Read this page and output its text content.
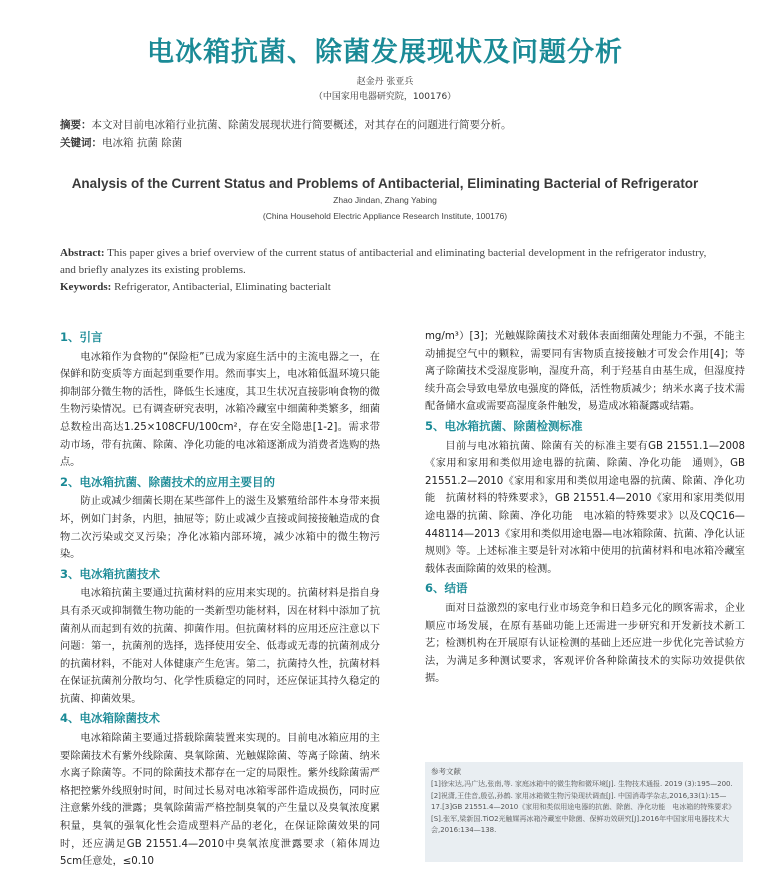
电冰箱抗菌、除菌发展现状及问题分析
赵金丹 张亚兵
（中国家用电器研究院，100176）
摘要：本文对目前电冰箱行业抗菌、除菌发展现状进行简要概述，对其存在的问题进行简要分析。
关键词：电冰箱 抗菌 除菌
Analysis of the Current Status and Problems of Antibacterial, Eliminating Bacterial of Refrigerator
Zhao Jindan, Zhang Yabing
(China Household Electric Appliance Research Institute, 100176)
Abstract: This paper gives a brief overview of the current status of antibacterial and eliminating bacterial development in the refrigerator industry, and briefly analyzes its existing problems.
Keywords: Refrigerator, Antibacterial, Eliminating bacterialt
1、引言
电冰箱作为食物的“保险柜”已成为家庭生活中的主流电器之一，在保鲜和防变质等方面起到重要作用。然而事实上，电冰箱低温环境只能抑制部分微生物的活性，降低生长速度，其卫生状况直接影响食物的微生物污染情况。已有调查研究表明，冰箱冷藏室中细菌种类繁多，细菌总数检出高达1.25×108CFU/100cm²，存在安全隐患[1-2]。需求带动市场，带有抗菌、除菌、净化功能的电冰箱逐渐成为消费者选购的热点。
2、电冰箱抗菌、除菌技术的应用主要目的
防止或减少细菌长期在某些部件上的滋生及繁殖给部件本身带来损坏，例如门封条，内胆，抽屉等；防止或减少直接或间接接触造成的食物二次污染或交叉污染；净化冰箱内部环境，减少冰箱中的微生物污染。
3、电冰箱抗菌技术
电冰箱抗菌主要通过抗菌材料的应用来实现的。抗菌材料是指自身具有杀灭或抑制微生物功能的一类新型功能材料，因在材料中添加了抗菌剂从而起到有效的抗菌、抑菌作用。但抗菌材料的应用还应注意以下问题：第一，抗菌剂的选择，选择使用安全、低毒或无毒的抗菌剂成分的抗菌材料，不能对人体健康产生危害。第二，抗菌持久性，抗菌材料在保证抗菌剂分散均匀、化学性质稳定的同时，还应保证其持久稳定的抗菌、抑菌效果。
4、电冰箱除菌技术
电冰箱除菌主要通过搭载除菌装置来实现的。目前电冰箱应用的主要除菌技术有紫外线除菌、臭氧除菌、光触媒除菌、等离子除菌、纳米水离子除菌等。不同的除菌技术都存在一定的局限性。紫外线除菌需严格把控紫外线照射时间，时间过长易对电冰箱零部件造成损伤，同时应注意紫外线的泄露；臭氧除菌需严格控制臭氧的产生量以及臭氧浓度累积量，臭氧的强氧化性会造成塑料产品的老化，在保证除菌效果的同时，还应满足GB 21551.4—2010中臭氧浓度泄露要求（箱体周边5cm任意处，≤0.10
mg/m³）[3]；光触媒除菌技术对载体表面细菌处理能力不强，不能主动捕捉空气中的颗粒，需要同有害物质直接接触才可发会作用[4]；等离子除菌技术受湿度影响，湿度升高，利于羟基自由基生成，但湿度持续升高会导致电晕放电强度的降低，活性物质减少；纳米水离子技术需配备储水盒或需要高湿度条件触发，易造成冰箱凝露或结霜。
5、电冰箱抗菌、除菌检测标准
目前与电冰箱抗菌、除菌有关的标准主要有GB 21551.1—2008《家用和家用和类似用途电器的抗菌、除菌、净化功能　通则》，GB 21551.2—2010《家用和家用和类似用途电器的抗菌、除菌、净化功能　抗菌材料的特殊要求》，GB 21551.4—2010《家用和家用类似用途电器的抗菌、除菌、净化功能　电冰箱的特殊要求》以及CQC16—448114—2013《家用和类似用途电器—电冰箱除菌、抗菌、净化认证规则》等。上述标准主要是针对冰箱中使用的抗菌材料和电冰箱冷藏室载体表面除菌的效果的检测。
6、结语
面对日益激烈的家电行业市场竞争和日趋多元化的顾客需求，企业顺应市场发展，在原有基础功能上还需进一步研究和开发新技术新工艺；检测机构在开展原有认证检测的基础上还应进一步优化完善试验方法，为满足多种测试要求，客观评价各种除菌技术的实际功效提供依据。
参考文献
[1]徐宋达,冯广达,张南,等. 家庭冰箱中的微生物和微环境[J]. 生物技术通报. 2019 (3):195—200.[2]祝潇,王佳音,殷弘,孙鹤. 家用冰箱微生物污染现状调查[J]. 中国消毒学杂志,2016,33(1):15—17.[3]GB 21551.4—2010《家用和类似用途电器的抗菌、除菌、净化功能　电冰箱的特殊要求》[S].张军,梁新国.TiO2光触媒再冰箱冷藏室中除菌、保鲜功效研究[J].2016年中国家用电器技术大会,2016:134—138.
